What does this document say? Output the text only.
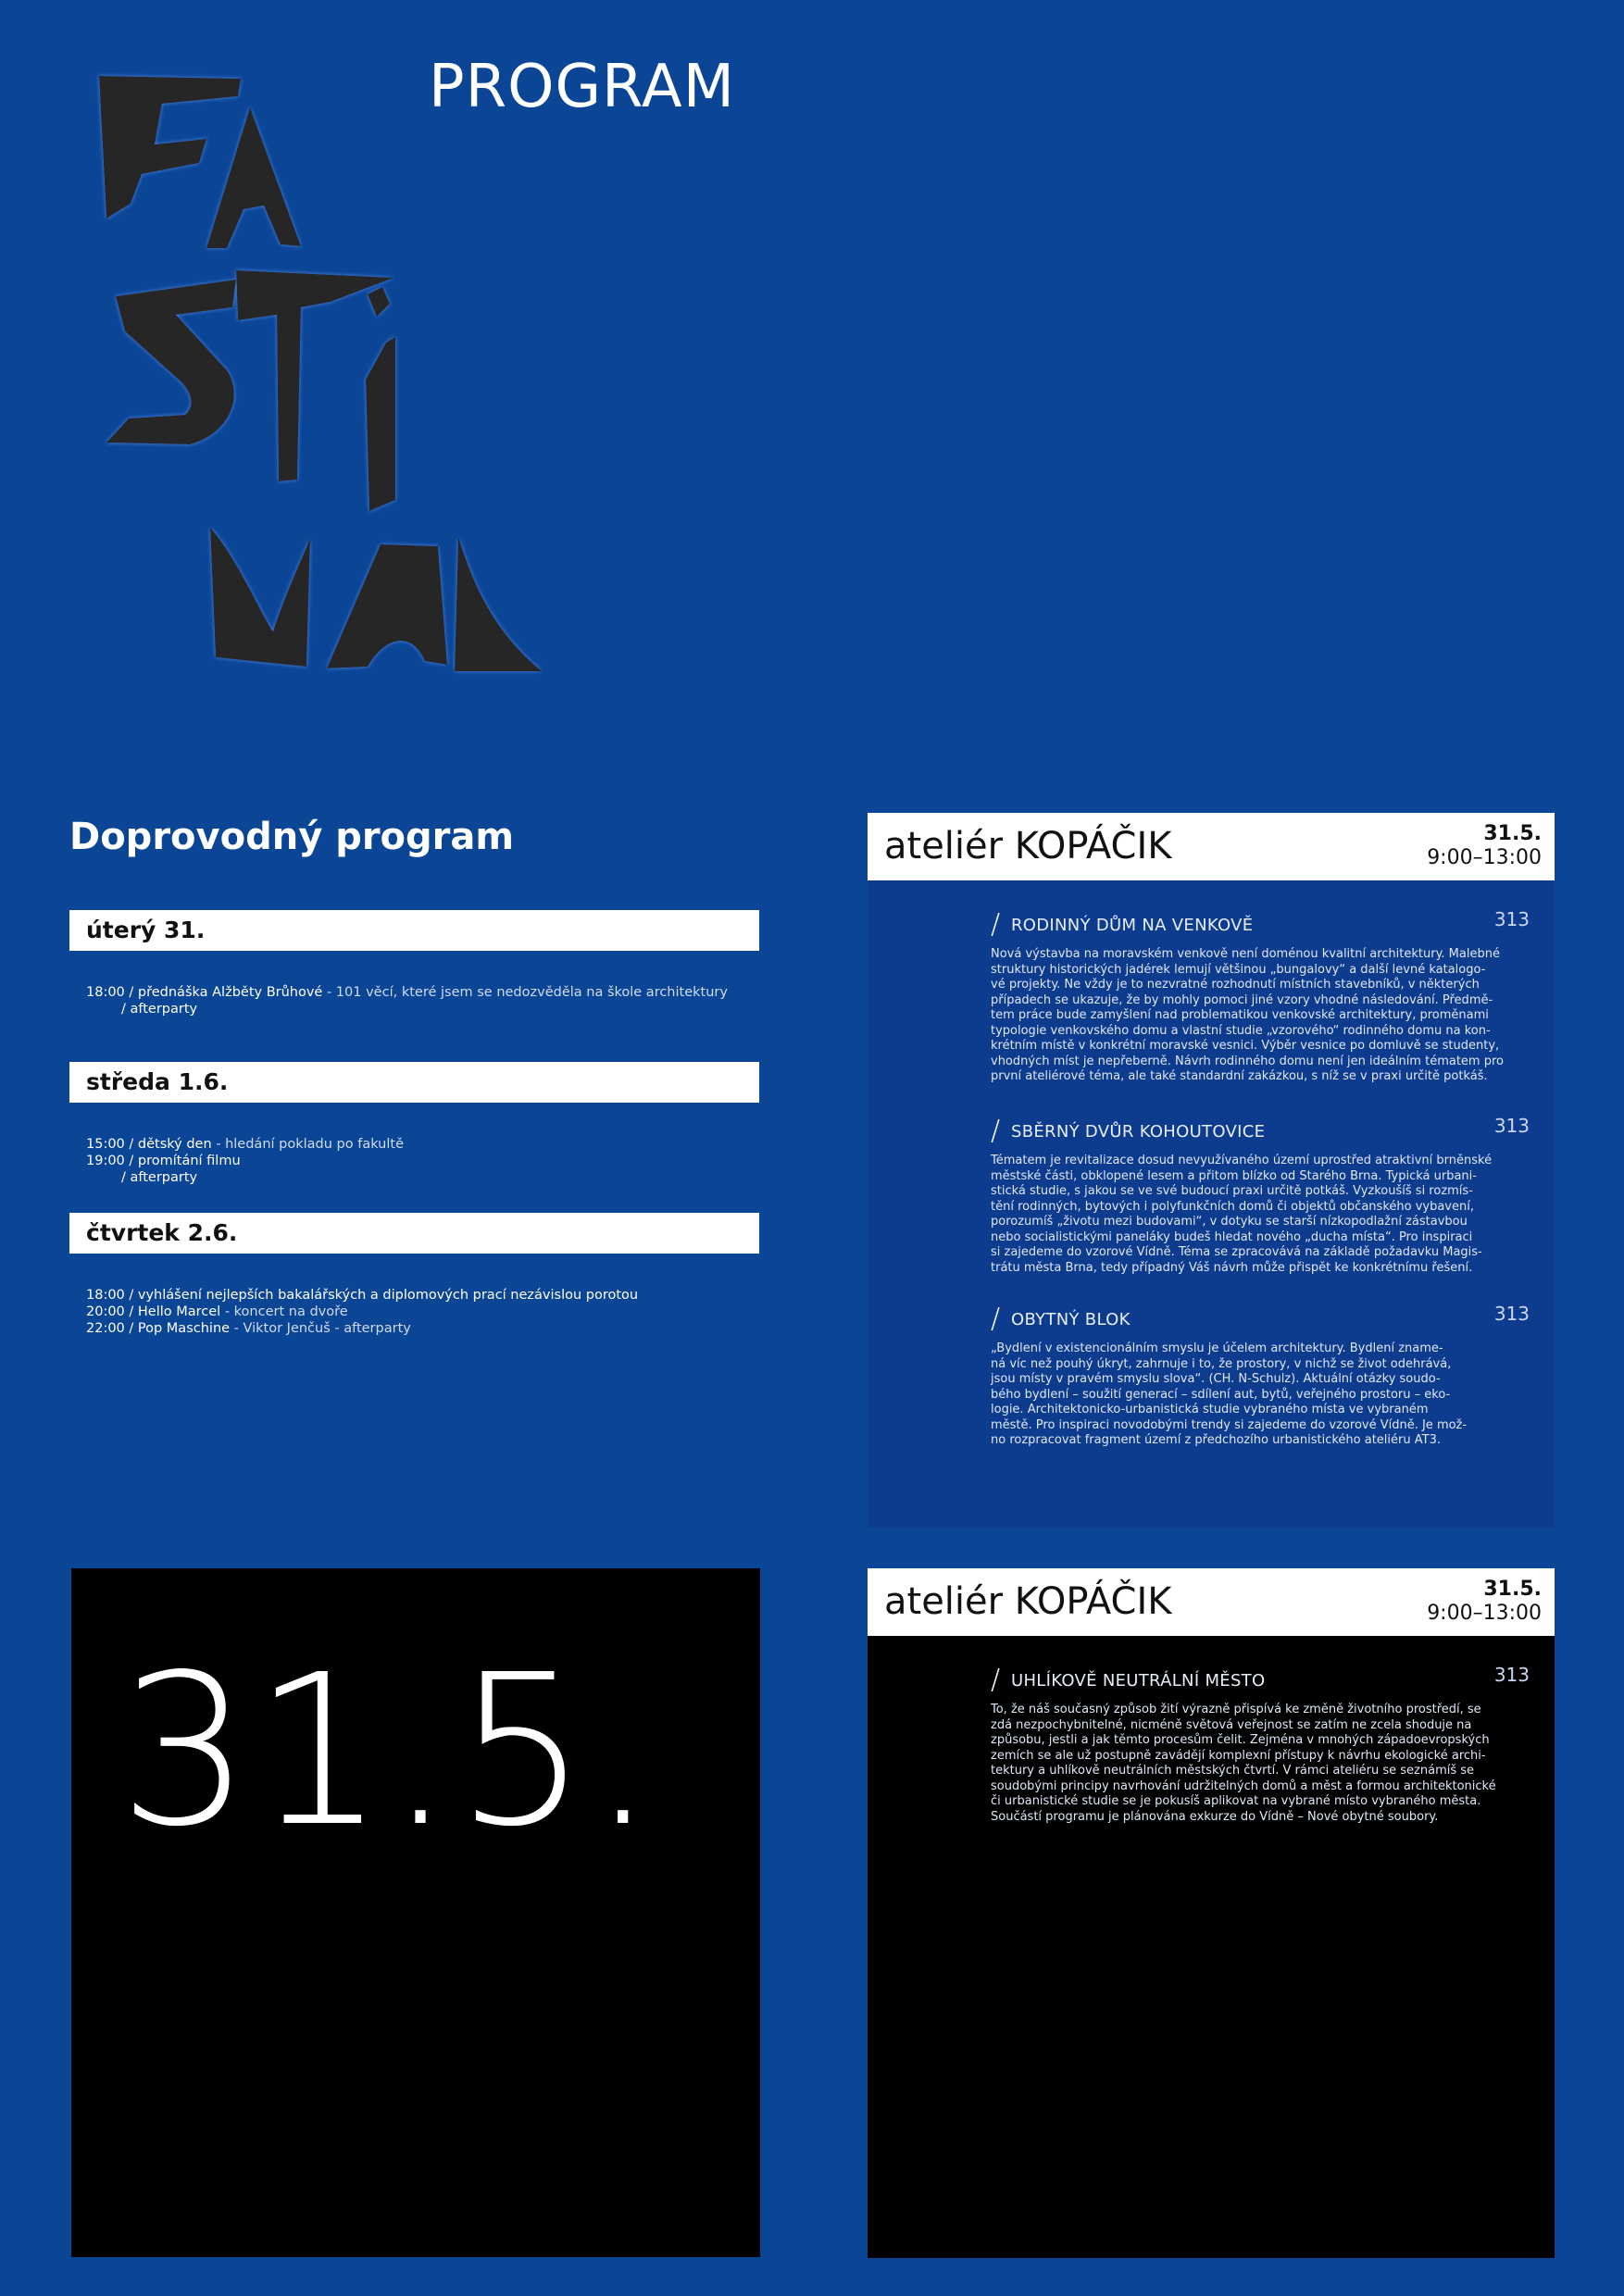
PROGRAM
Doprovodný program
úterý 31.
18:00 / přednáška Alžběty Brůhové - 101 věcí, které jsem se nedozvěděla na škole architektury
/ afterparty
středa 1.6.
15:00 / dětský den - hledání pokladu po fakultě
19:00 / promítání filmu
/ afterparty
čtvrtek 2.6.
18:00 / vyhlášení nejlepších bakalářských a diplomových prací nezávislou porotou
20:00 / Hello Marcel - koncert na dvoře
22:00 / Pop Maschine - Viktor Jenčuš - afterparty
ateliér KOPÁČIK	31.5.
9:00–13:00
/ RODINNÝ DŮM NA VENKOVĚ	313
Nová výstavba na moravském venkově není doménou kvalitní architektury. Malebné
struktury historických jadérek lemují většinou „bungalovy“ a další levné katalogo-
vé projekty. Ne vždy je to nezvratné rozhodnutí místních stavebníků, v některých
případech se ukazuje, že by mohly pomoci jiné vzory vhodné následování. Předmě-
tem práce bude zamyšlení nad problematikou venkovské architektury, proměnami
typologie venkovského domu a vlastní studie „vzorového“ rodinného domu na kon-
krétním místě v konkrétní moravské vesnici. Výběr vesnice po domluvě se studenty,
vhodných míst je nepřeberně. Návrh rodinného domu není jen ideálním tématem pro
první ateliérové téma, ale také standardní zakázkou, s níž se v praxi určitě potkáš.
/ SBĚRNÝ DVŮR KOHOUTOVICE	313
Tématem je revitalizace dosud nevyužívaného území uprostřed atraktivní brněnské
městské části, obklopené lesem a přitom blízko od Starého Brna. Typická urbani-
stická studie, s jakou se ve své budoucí praxi určitě potkáš. Vyzkoušíš si rozmís-
tění rodinných, bytových i polyfunkčních domů či objektů občanského vybavení,
porozumíš „životu mezi budovami“, v dotyku se starší nízkopodlažní zástavbou
nebo socialistickými paneláky budeš hledat nového „ducha místa“. Pro inspiraci
si zajedeme do vzorové Vídně. Téma se zpracovává na základě požadavku Magis-
trátu města Brna, tedy případný Váš návrh může přispět ke konkrétnímu řešení.
/ OBYTNÝ BLOK	313
„Bydlení v existencionálním smyslu je účelem architektury. Bydlení zname-
ná víc než pouhý úkryt, zahrnuje i to, že prostory, v nichž se život odehrává,
jsou místy v pravém smyslu slova“. (CH. N-Schulz). Aktuální otázky soudo-
bého bydlení – soužití generací – sdílení aut, bytů, veřejného prostoru – eko-
logie. Architektonicko-urbanistická studie vybraného místa ve vybraném
městě. Pro inspiraci novodobými trendy si zajedeme do vzorové Vídně. Je mož-
no rozpracovat fragment území z předchozího urbanistického ateliéru AT3.
31.5.
ateliér KOPÁČIK	31.5.
9:00–13:00
/ UHLÍKOVĚ NEUTRÁLNÍ MĚSTO	313
To, že náš současný způsob žití výrazně přispívá ke změně životního prostředí, se
zdá nezpochybnitelné, nicméně světová veřejnost se zatím ne zcela shoduje na
způsobu, jestli a jak těmto procesům čelit. Zejména v mnohých západoevropských
zemích se ale už postupně zavádějí komplexní přístupy k návrhu ekologické archi-
tektury a uhlíkově neutrálních městských čtvrtí. V rámci ateliéru se seznámíš se
soudobými principy navrhování udržitelných domů a měst a formou architektonické
či urbanistické studie se je pokusíš aplikovat na vybrané místo vybraného města.
Součástí programu je plánována exkurze do Vídně – Nové obytné soubory.
